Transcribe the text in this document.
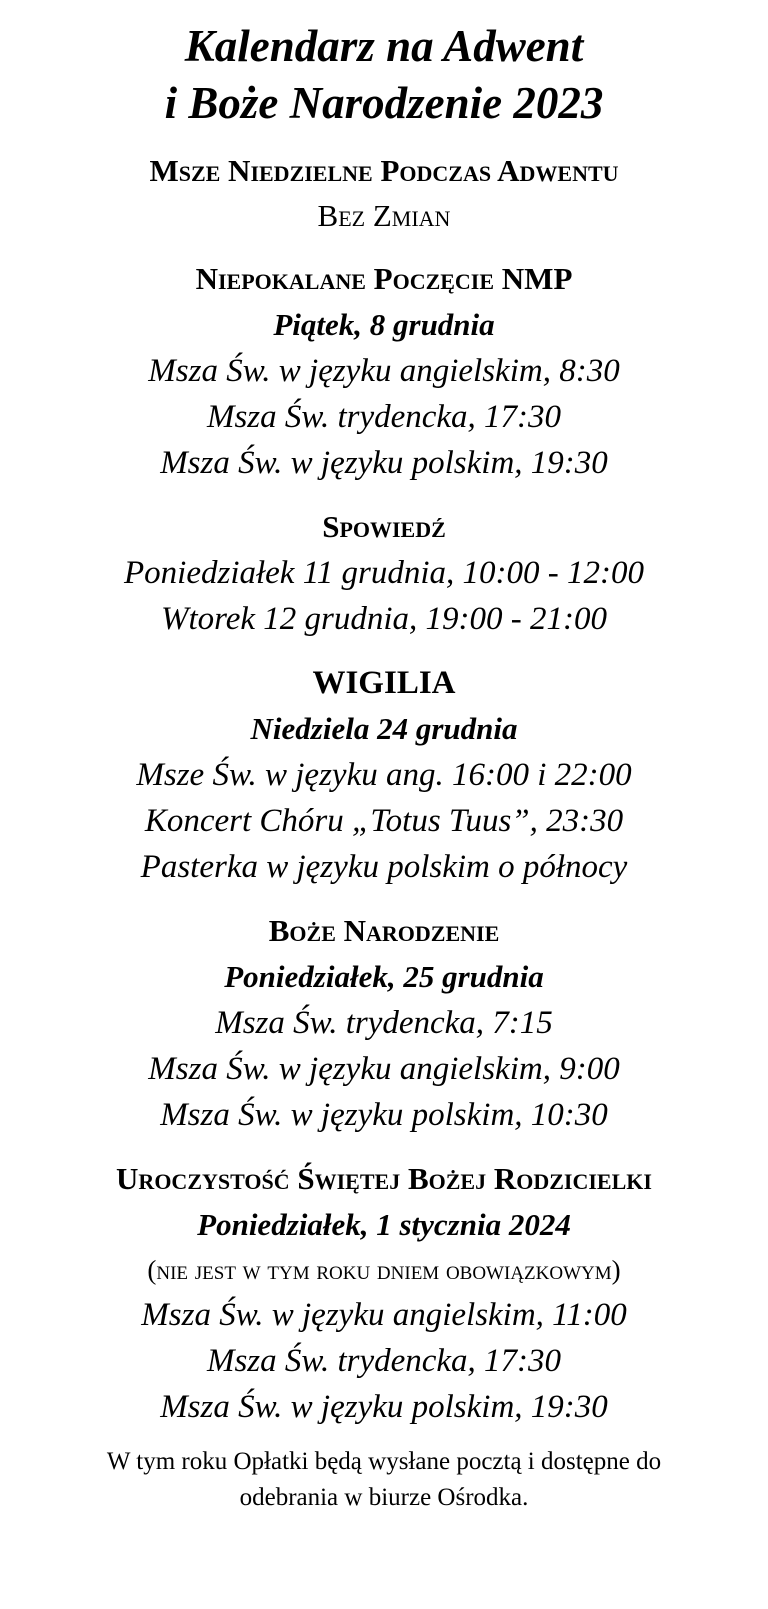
Kalendarz na Adwent
i Boże Narodzenie 2023
Msze Niedzielne Podczas Adwentu
Bez Zmian
Niepokalane Poczęcie NMP
Piątek, 8 grudnia
Msza Św. w języku angielskim, 8:30
Msza Św. trydencka, 17:30
Msza Św. w języku polskim, 19:30
Spowiedź
Poniedziałek 11 grudnia, 10:00 - 12:00
Wtorek 12 grudnia, 19:00 - 21:00
WIGILIA
Niedziela 24 grudnia
Msze Św. w języku ang. 16:00 i 22:00
Koncert Chóru „Totus Tuus”, 23:30
Pasterka w języku polskim o północy
Boże Narodzenie
Poniedziałek, 25 grudnia
Msza Św. trydencka, 7:15
Msza Św. w języku angielskim, 9:00
Msza Św. w języku polskim, 10:30
Uroczystość Świętej Bożej Rodzicielki
Poniedziałek, 1 stycznia 2024
(nie jest w tym roku dniem obowiązkowym)
Msza Św. w języku angielskim, 11:00
Msza Św. trydencka, 17:30
Msza Św. w języku polskim, 19:30
W tym roku Opłatki będą wysłane pocztą i dostępne do
odebrania w biurze Ośrodka.
